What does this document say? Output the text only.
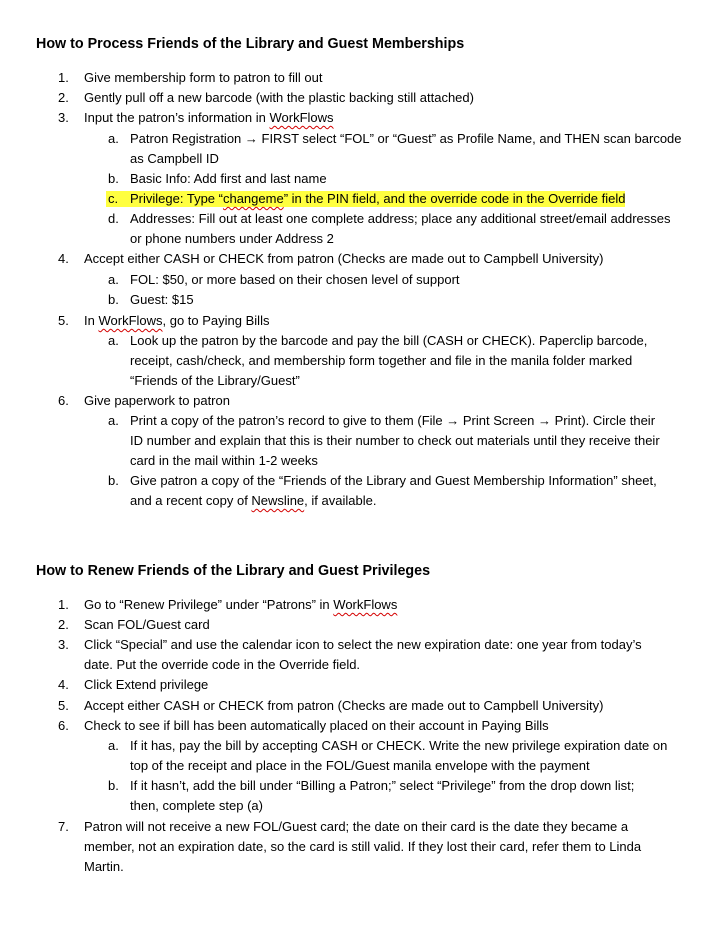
How to Process Friends of the Library and Guest Memberships
1. Give membership form to patron to fill out
2. Gently pull off a new barcode (with the plastic backing still attached)
3. Input the patron’s information in WorkFlows
a. Patron Registration → FIRST select “FOL” or “Guest” as Profile Name, and THEN scan barcode
as Campbell ID
b. Basic Info: Add first and last name
c. Privilege: Type “changeme” in the PIN field, and the override code in the Override field
d. Addresses: Fill out at least one complete address; place any additional street/email addresses
or phone numbers under Address 2
4. Accept either CASH or CHECK from patron (Checks are made out to Campbell University)
a. FOL: $50, or more based on their chosen level of support
b. Guest: $15
5. In WorkFlows, go to Paying Bills
a. Look up the patron by the barcode and pay the bill (CASH or CHECK). Paperclip barcode,
receipt, cash/check, and membership form together and file in the manila folder marked
“Friends of the Library/Guest”
6. Give paperwork to patron
a. Print a copy of the patron’s record to give to them (File → Print Screen → Print). Circle their
ID number and explain that this is their number to check out materials until they receive their
card in the mail within 1-2 weeks
b. Give patron a copy of the “Friends of the Library and Guest Membership Information” sheet,
and a recent copy of Newsline, if available.
How to Renew Friends of the Library and Guest Privileges
1. Go to “Renew Privilege” under “Patrons” in WorkFlows
2. Scan FOL/Guest card
3. Click “Special” and use the calendar icon to select the new expiration date: one year from today’s
date. Put the override code in the Override field.
4. Click Extend privilege
5. Accept either CASH or CHECK from patron (Checks are made out to Campbell University)
6. Check to see if bill has been automatically placed on their account in Paying Bills
a. If it has, pay the bill by accepting CASH or CHECK. Write the new privilege expiration date on
top of the receipt and place in the FOL/Guest manila envelope with the payment
b. If it hasn’t, add the bill under “Billing a Patron;” select “Privilege” from the drop down list;
then, complete step (a)
7. Patron will not receive a new FOL/Guest card; the date on their card is the date they became a
member, not an expiration date, so the card is still valid. If they lost their card, refer them to Linda
Martin.
